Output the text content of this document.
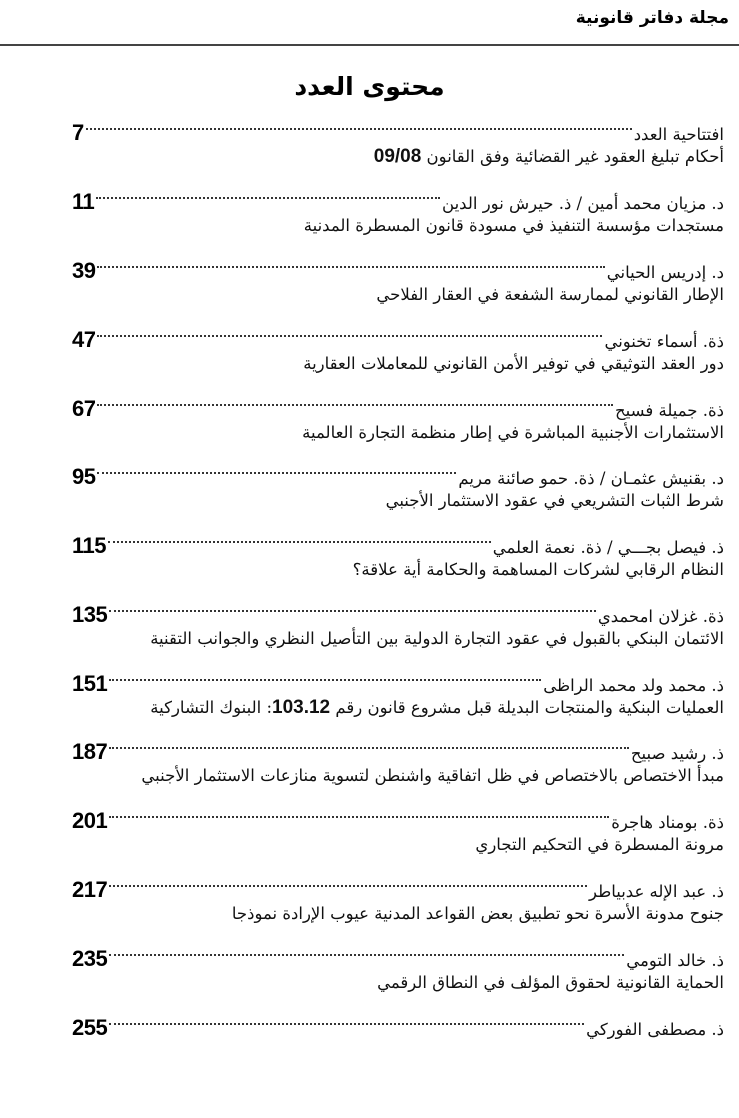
مجلة دفاتر قانونية
محتوى العدد
افتتاحية العدد
7
أحكام تبليغ العقود غير القضائية وفق القانون 09/08
د. مزيان محمد أمين / ذ. حيرش نور الدين
11
مستجدات مؤسسة التنفيذ في مسودة قانون المسطرة المدنية
د. إدريس الحياني
39
الإطار القانوني لممارسة الشفعة في العقار الفلاحي
ذة. أسماء تخنوني
47
دور العقد التوثيقي في توفير الأمن القانوني للمعاملات العقارية
ذة. جميلة فسيح
67
الاستثمارات الأجنبية المباشرة في إطار منظمة التجارة العالمية
د. بقنيش عثمـان / ذة. حمو صائنة مريم
95
شرط الثبات التشريعي في عقود الاستثمار الأجنبي
ذ. فيصل بجـــي / ذة. نعمة العلمي
115
النظام الرقابي لشركات المساهمة والحكامة أية علاقة؟
ذة. غزلان امحمدي
135
الائتمان البنكي بالقبول في عقود التجارة الدولية بين التأصيل النظري والجوانب التقنية
ذ. محمد ولد محمد الراظى
151
العمليات البنكية والمنتجات البديلة قبل مشروع قانون رقم 103.12: البنوك التشاركية
ذ. رشيد صبيح
187
مبدأ الاختصاص بالاختصاص في ظل اتفاقية واشنطن لتسوية منازعات الاستثمار الأجنبي
ذة. بومناد هاجرة
201
مرونة المسطرة في التحكيم التجاري
ذ. عبد الإله عدبياطر
217
جنوح مدونة الأسرة نحو تطبيق بعض القواعد المدنية عيوب الإرادة نموذجا
ذ. خالد التومي
235
الحماية القانونية لحقوق المؤلف في النطاق الرقمي
ذ. مصطفى الفوركي
255
